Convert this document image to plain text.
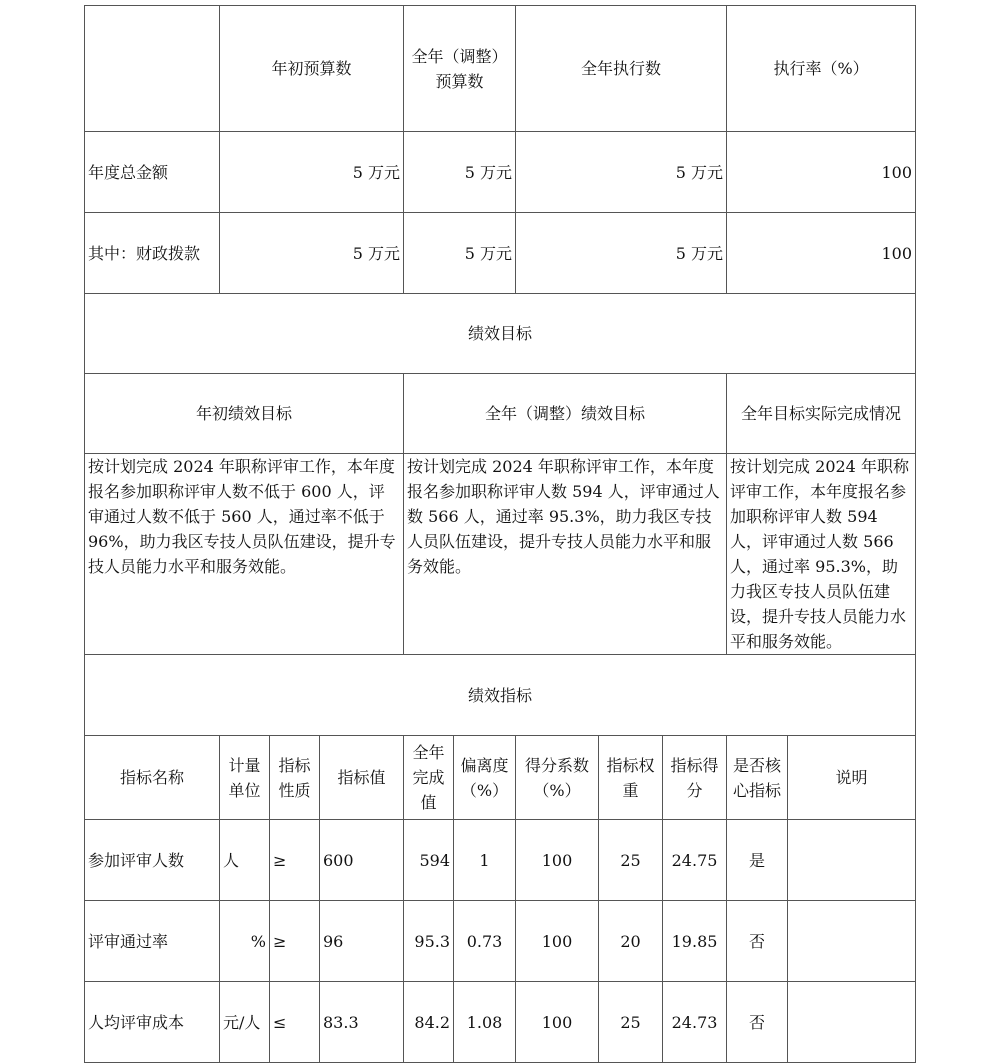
	年初预算数			全年（调整）预算数		全年执行数			执行率（%）		
年度总金额	5 万元			5 万元		5 万元			100		
其中：财政拨款	5 万元			5 万元		5 万元			100		
绩效目标											
年初绩效目标				全年（调整）绩效目标					全年目标实际完成情况		
按计划完成 2024 年职称评审工作，本年度报名参加职称评审人数不低于 600 人，评审通过人数不低于 560 人，通过率不低于 96%，助力我区专技人员队伍建设，提升专技人员能力水平和服务效能。				按计划完成 2024 年职称评审工作，本年度报名参加职称评审人数 594 人，评审通过人数 566 人，通过率 95.3%，助力我区专技人员队伍建设，提升专技人员能力水平和服务效能。					按计划完成 2024 年职称评审工作，本年度报名参加职称评审人数 594 人，评审通过人数 566 人，通过率 95.3%，助力我区专技人员队伍建设，提升专技人员能力水平和服务效能。		
绩效指标											
指标名称	计量单位	指标性质	指标值	全年完成值	偏离度（%）	得分系数（%）	指标权重	指标得分	是否核心指标	说明	
参加评审人数	人	≥	600	594	1	100	25	24.75	是		
评审通过率	%	≥	96	95.3	0.73	100	20	19.85	否		
人均评审成本	元/人	≤	83.3	84.2	1.08	100	25	24.73	否		
